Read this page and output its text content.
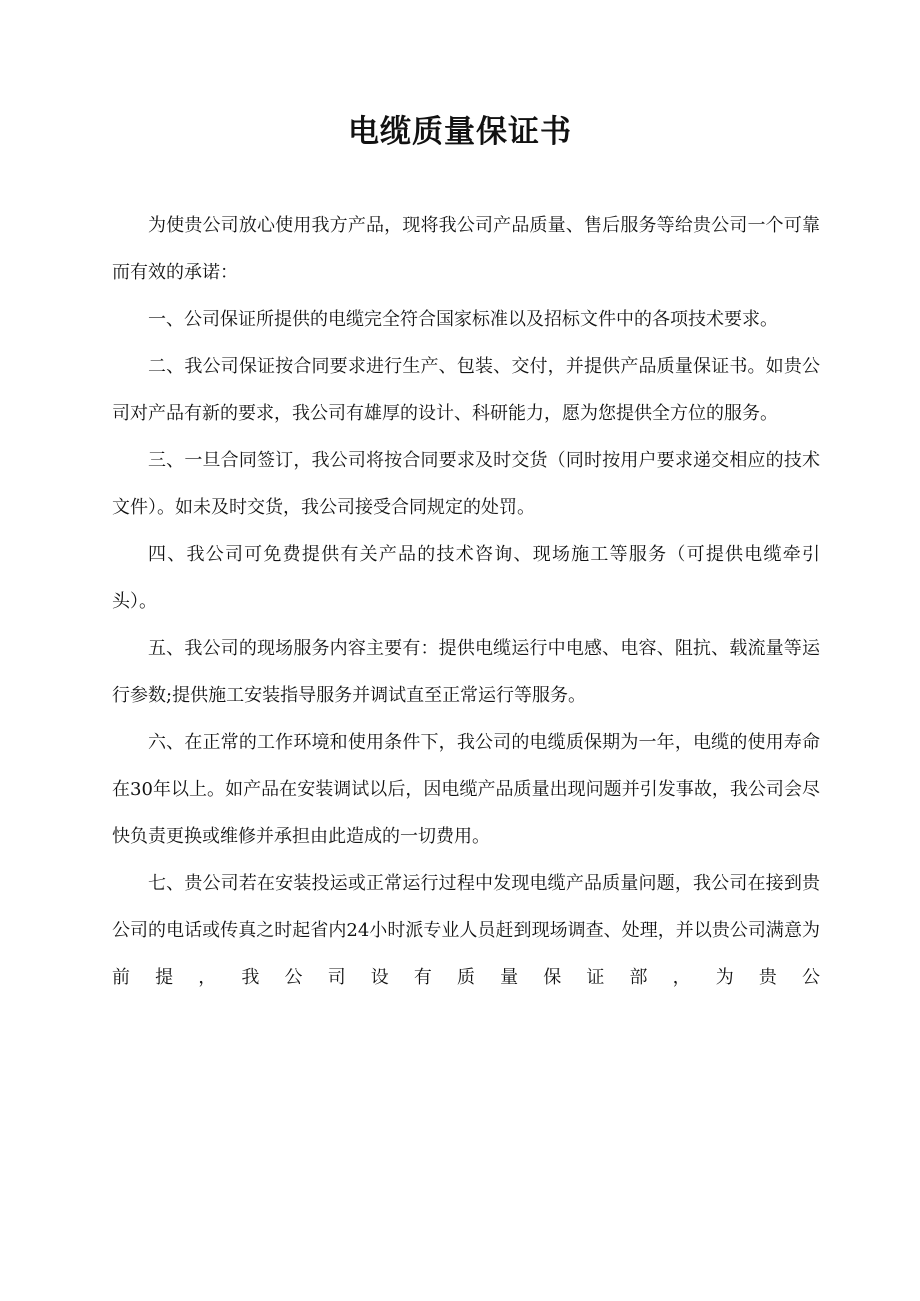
电缆质量保证书

为使贵公司放心使用我方产品，现将我公司产品质量、售后服务等给贵公司一个可靠而有效的承诺：

一、公司保证所提供的电缆完全符合国家标准以及招标文件中的各项技术要求。

二、我公司保证按合同要求进行生产、包装、交付，并提供产品质量保证书。如贵公司对产品有新的要求，我公司有雄厚的设计、科研能力，愿为您提供全方位的服务。

三、一旦合同签订，我公司将按合同要求及时交货（同时按用户要求递交相应的技术文件）。如未及时交货，我公司接受合同规定的处罚。

四、我公司可免费提供有关产品的技术咨询、现场施工等服务（可提供电缆牵引头）。

五、我公司的现场服务内容主要有：提供电缆运行中电感、电容、阻抗、载流量等运行参数;提供施工安装指导服务并调试直至正常运行等服务。

六、在正常的工作环境和使用条件下，我公司的电缆质保期为一年，电缆的使用寿命在30年以上。如产品在安装调试以后，因电缆产品质量出现问题并引发事故，我公司会尽快负责更换或维修并承担由此造成的一切费用。

七、贵公司若在安装投运或正常运行过程中发现电缆产品质量问题，我公司在接到贵公司的电话或传真之时起省内24小时派专业人员赶到现场调查、处理，并以贵公司满意为前提，我公司设有质量保证部，为贵公
